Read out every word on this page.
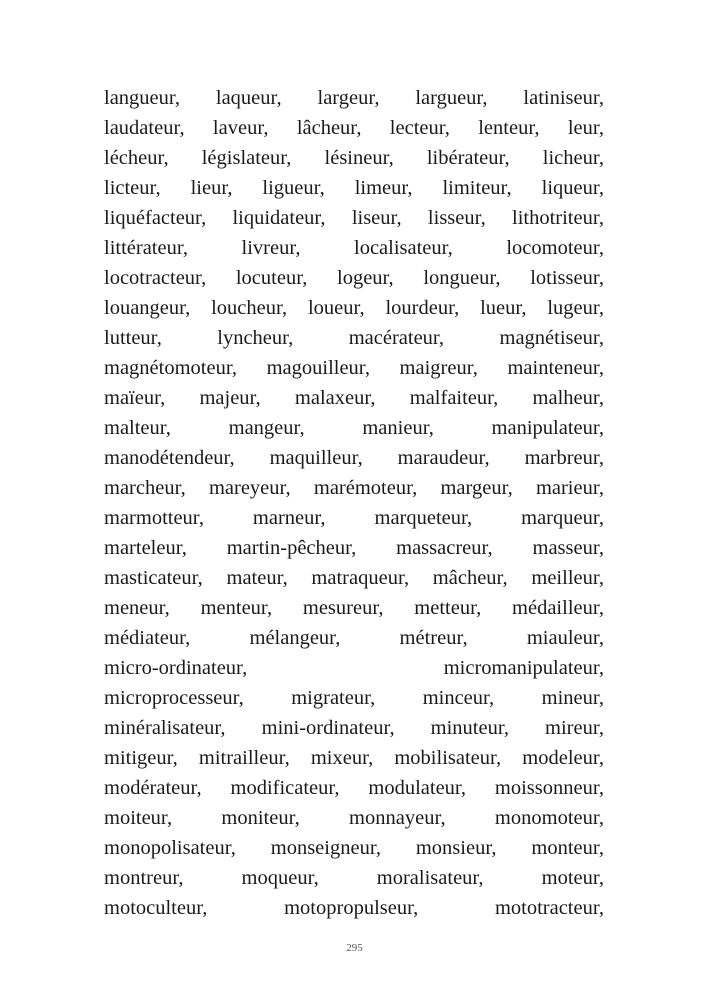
langueur, laqueur, largeur, largueur, latiniseur,
laudateur, laveur, lâcheur, lecteur, lenteur, leur,
lécheur, législateur, lésineur, libérateur, licheur,
licteur, lieur, ligueur, limeur, limiteur, liqueur,
liquéfacteur, liquidateur, liseur, lisseur, lithotriteur,
littérateur, livreur, localisateur, locomoteur,
locotracteur, locuteur, logeur, longueur, lotisseur,
louangeur, loucheur, loueur, lourdeur, lueur, lugeur,
lutteur, lyncheur, macérateur, magnétiseur,
magnétomoteur, magouilleur, maigreur, mainteneur,
maïeur, majeur, malaxeur, malfaiteur, malheur,
malteur, mangeur, manieur, manipulateur,
manodétendeur, maquilleur, maraudeur, marbreur,
marcheur, mareyeur, marémoteur, margeur, marieur,
marmotteur, marneur, marqueteur, marqueur,
marteleur, martin-pêcheur, massacreur, masseur,
masticateur, mateur, matraqueur, mâcheur, meilleur,
meneur, menteur, mesureur, metteur, médailleur,
médiateur, mélangeur, métreur, miauleur,
micro-ordinateur, micromanipulateur,
microprocesseur, migrateur, minceur, mineur,
minéralisateur, mini-ordinateur, minuteur, mireur,
mitigeur, mitrailleur, mixeur, mobilisateur, modeleur,
modérateur, modificateur, modulateur, moissonneur,
moiteur, moniteur, monnayeur, monomoteur,
monopolisateur, monseigneur, monsieur, monteur,
montreur, moqueur, moralisateur, moteur,
motoculteur, motopropulseur, mototracteur,
295
